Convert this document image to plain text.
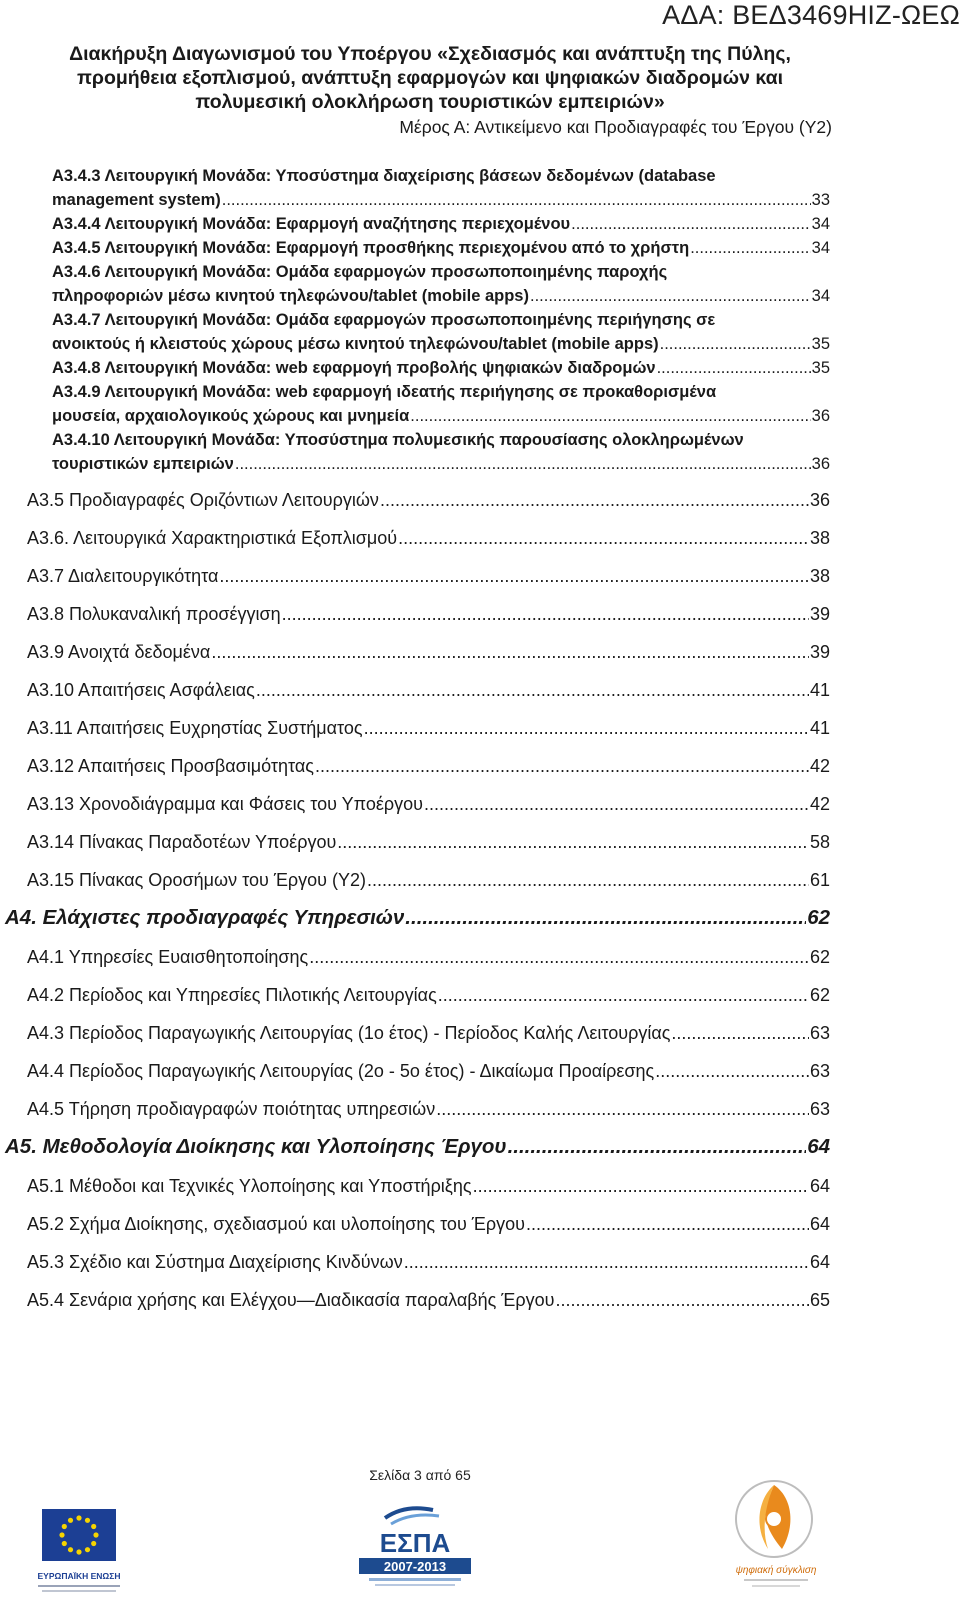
ΑΔΑ: ΒΕΔ3469ΗΙΖ-ΩΕΩ
Διακήρυξη Διαγωνισμού του Υποέργου «Σχεδιασμός και ανάπτυξη της Πύλης, προμήθεια εξοπλισμού, ανάπτυξη εφαρμογών και ψηφιακών διαδρομών και πολυμεσική ολοκλήρωση τουριστικών εμπειριών»
Μέρος Α: Αντικείμενο και Προδιαγραφές του Έργου (Υ2)
Α3.4.3 Λειτουργική Μονάδα: Υποσύστημα διαχείρισης βάσεων δεδομένων (database
management system) .....	33
Α3.4.4 Λειτουργική Μονάδα: Εφαρμογή αναζήτησης περιεχομένου .....	34
Α3.4.5 Λειτουργική Μονάδα: Εφαρμογή προσθήκης περιεχομένου από το χρήστη .....	34
Α3.4.6 Λειτουργική Μονάδα: Ομάδα εφαρμογών προσωποποιημένης παροχής
πληροφοριών μέσω κινητού τηλεφώνου/tablet (mobile apps) .....	34
Α3.4.7 Λειτουργική Μονάδα: Ομάδα εφαρμογών προσωποποιημένης περιήγησης σε
ανοικτούς ή κλειστούς χώρους μέσω κινητού τηλεφώνου/tablet (mobile apps) .....	35
Α3.4.8 Λειτουργική Μονάδα: web εφαρμογή προβολής ψηφιακών διαδρομών .....	35
Α3.4.9 Λειτουργική Μονάδα: web εφαρμογή ιδεατής περιήγησης σε προκαθορισμένα
μουσεία, αρχαιολογικούς χώρους και μνημεία .....	36
Α3.4.10 Λειτουργική Μονάδα: Υποσύστημα πολυμεσικής παρουσίασης ολοκληρωμένων
τουριστικών εμπειριών .....	36
Α3.5 Προδιαγραφές Οριζόντιων Λειτουργιών .....	36
Α3.6. Λειτουργικά Χαρακτηριστικά Εξοπλισμού .....	38
Α3.7 Διαλειτουργικότητα .....	38
Α3.8 Πολυκαναλική προσέγγιση .....	39
Α3.9 Ανοιχτά δεδομένα .....	39
Α3.10 Απαιτήσεις Ασφάλειας .....	41
Α3.11 Απαιτήσεις Ευχρηστίας Συστήματος .....	41
Α3.12 Απαιτήσεις Προσβασιμότητας .....	42
Α3.13 Χρονοδιάγραμμα και Φάσεις του Υποέργου .....	42
Α3.14 Πίνακας Παραδοτέων Υποέργου .....	58
Α3.15 Πίνακας Οροσήμων του Έργου (Υ2) .....	61
Α4. Ελάχιστες προδιαγραφές Υπηρεσιών .....	62
Α4.1 Υπηρεσίες Ευαισθητοποίησης .....	62
Α4.2 Περίοδος και Υπηρεσίες Πιλοτικής Λειτουργίας .....	62
Α4.3 Περίοδος Παραγωγικής Λειτουργίας (1ο έτος) - Περίοδος Καλής Λειτουργίας .....	63
Α4.4 Περίοδος Παραγωγικής Λειτουργίας (2ο - 5ο έτος) - Δικαίωμα Προαίρεσης .....	63
Α4.5 Τήρηση προδιαγραφών ποιότητας υπηρεσιών .....	63
Α5. Μεθοδολογία Διοίκησης και Υλοποίησης Έργου .....	64
Α5.1 Μέθοδοι και Τεχνικές Υλοποίησης και Υποστήριξης .....	64
Α5.2 Σχήμα Διοίκησης, σχεδιασμού και υλοποίησης του Έργου .....	64
Α5.3 Σχέδιο και Σύστημα Διαχείρισης Κινδύνων .....	64
Α5.4 Σενάρια χρήσης και Ελέγχου—Διαδικασία παραλαβής Έργου .....	65
Σελίδα 3 από 65
ΕΥΡΩΠΑΪΚΗ ΕΝΩΣΗ
ΕΣΠΑ
2007-2013	ψηφιακή σύγκλιση
